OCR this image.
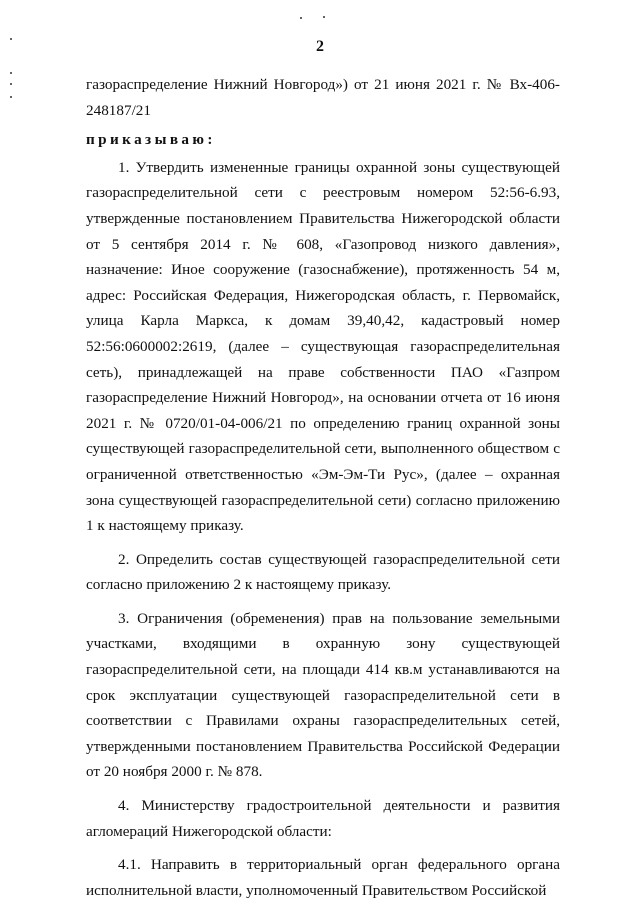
2

газораспределение Нижний Новгород») от 21 июня 2021 г. № Вх-406-248187/21

приказываю:

1. Утвердить измененные границы охранной зоны существующей газораспределительной сети с реестровым номером 52:56-6.93, утвержденные постановлением Правительства Нижегородской области от 5 сентября 2014 г. № 608, «Газопровод низкого давления», назначение: Иное сооружение (газоснабжение), протяженность 54 м, адрес: Российская Федерация, Нижегородская область, г. Первомайск, улица Карла Маркса, к домам 39,40,42, кадастровый номер 52:56:0600002:2619, (далее – существующая газораспределительная сеть), принадлежащей на праве собственности ПАО «Газпром газораспределение Нижний Новгород», на основании отчета от 16 июня 2021 г. № 0720/01-04-006/21 по определению границ охранной зоны существующей газораспределительной сети, выполненного обществом с ограниченной ответственностью «Эм-Эм-Ти Рус», (далее – охранная зона существующей газораспределительной сети) согласно приложению 1 к настоящему приказу.

2. Определить состав существующей газораспределительной сети согласно приложению 2 к настоящему приказу.

3. Ограничения (обременения) прав на пользование земельными участками, входящими в охранную зону существующей газораспределительной сети, на площади 414 кв.м устанавливаются на срок эксплуатации существующей газораспределительной сети в соответствии с Правилами охраны газораспределительных сетей, утвержденными постановлением Правительства Российской Федерации от 20 ноября 2000 г. № 878.

4. Министерству градостроительной деятельности и развития агломераций Нижегородской области:

4.1. Направить в территориальный орган федерального органа исполнительной власти, уполномоченный Правительством Российской
